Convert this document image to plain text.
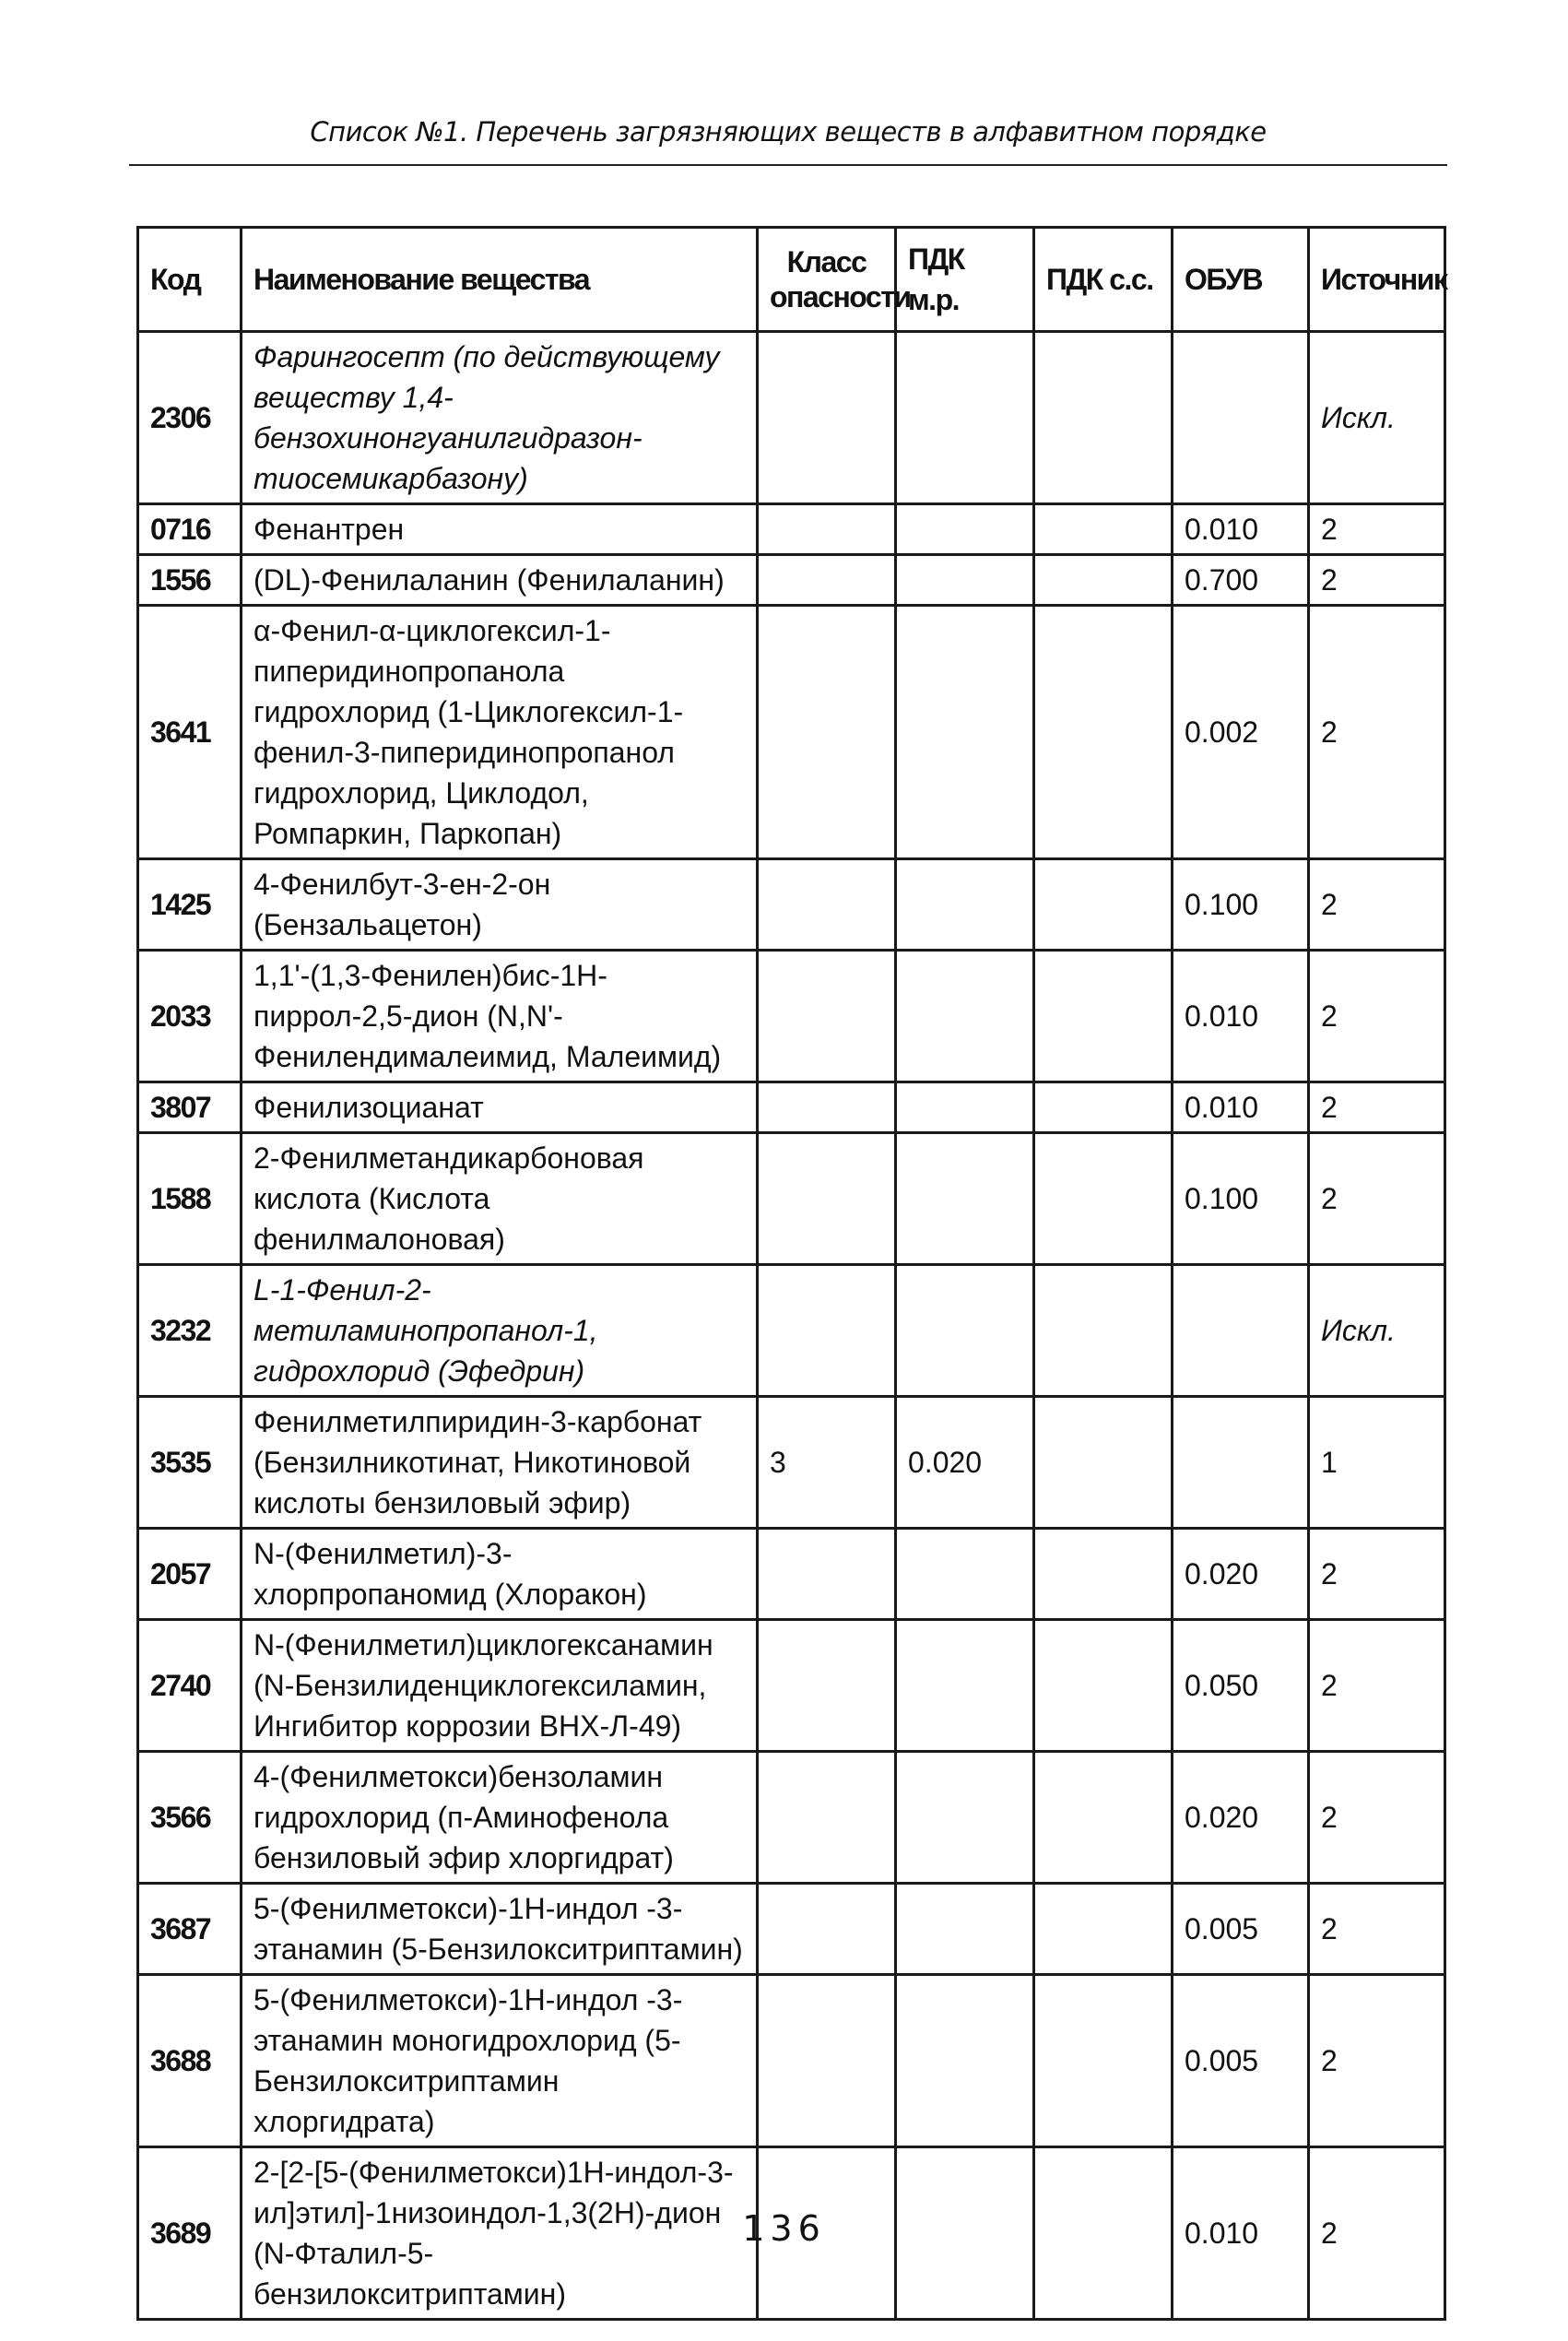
Список №1. Перечень загрязняющих веществ в алфавитном порядке
Код	Наименование вещества	Класс опасности	ПДК м.р.	ПДК с.с.	ОБУВ	Источник
2306	Фарингосепт (по действующему веществу 1,4-бензохинонгуанилгидразон-тиосемикарбазону)					Искл.
0716	Фенантрен				0.010	2
1556	(DL)-Фенилаланин (Фенилаланин)				0.700	2
3641	α-Фенил-α-циклогексил-1-пиперидинопропанола гидрохлорид (1-Циклогексил-1-фенил-3-пиперидинопропанол гидрохлорид, Циклодол, Ромпаркин, Паркопан)				0.002	2
1425	4-Фенилбут-3-ен-2-он (Бензальацетон)				0.100	2
2033	1,1'-(1,3-Фенилен)бис-1Н-пиррол-2,5-дион (N,N'-Фенилендималеимид, Малеимид)				0.010	2
3807	Фенилизоцианат				0.010	2
1588	2-Фенилметандикарбоновая кислота (Кислота фенилмалоновая)				0.100	2
3232	L-1-Фенил-2-метиламинопропанол-1, гидрохлорид (Эфедрин)					Искл.
3535	Фенилметилпиридин-3-карбонат (Бензилникотинат, Никотиновой кислоты бензиловый эфир)	3	0.020			1
2057	N-(Фенилметил)-3-хлорпропаномид (Хлоракон)				0.020	2
2740	N-(Фенилметил)циклогексанамин (N-Бензилиденциклогексиламин, Ингибитор коррозии ВНХ-Л-49)				0.050	2
3566	4-(Фенилметокси)бензоламин гидрохлорид (п-Аминофенола бензиловый эфир хлоргидрат)				0.020	2
3687	5-(Фенилметокси)-1Н-индол -3-этанамин (5-Бензилокситриптамин)				0.005	2
3688	5-(Фенилметокси)-1Н-индол -3-этанамин моногидрохлорид (5-Бензилокситриптамин хлоргидрата)				0.005	2
3689	2-[2-[5-(Фенилметокси)1Н-индол-3-ил]этил]-1низоиндол-1,3(2Н)-дион (N-Фталил-5-бензилокситриптамин)				0.010	2
136
